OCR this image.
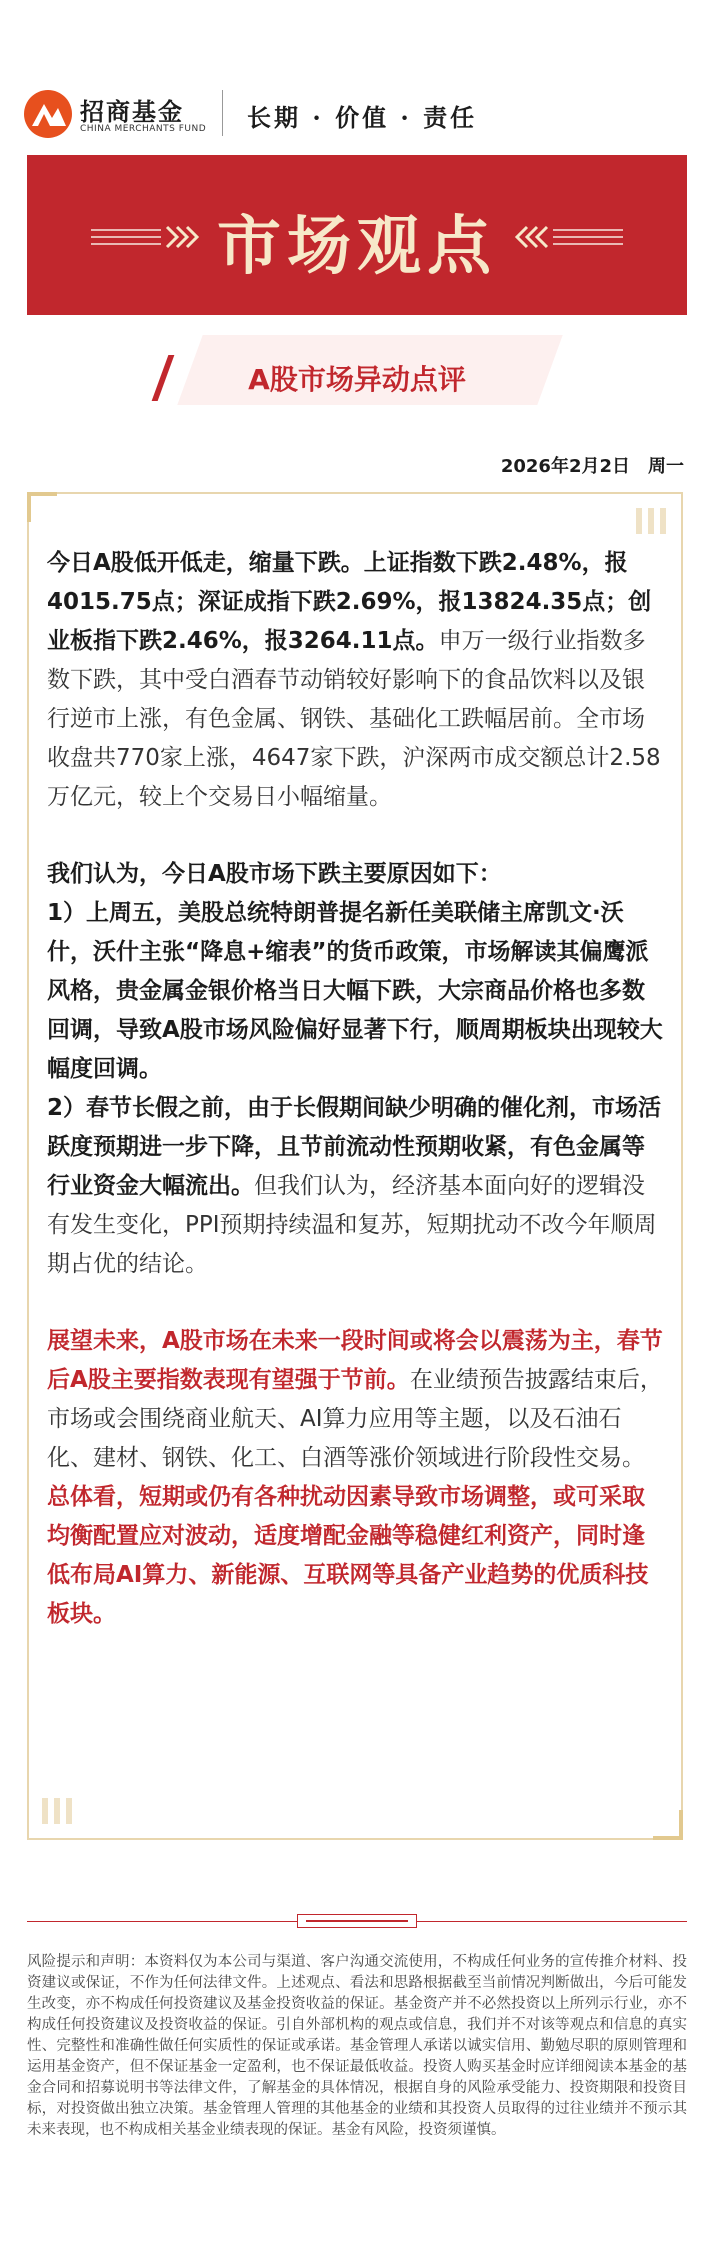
招商基金
CHINA MERCHANTS FUND 长期 · 价值 · 责任
市场观点
A股市场异动点评
2026年2月2日　周一

今日A股低开低走，缩量下跌。上证指数下跌2.48%，报4015.75点；深证成指下跌2.69%，报13824.35点；创业板指下跌2.46%，报3264.11点。申万一级行业指数多数下跌，其中受白酒春节动销较好影响下的食品饮料以及银行逆市上涨，有色金属、钢铁、基础化工跌幅居前。全市场收盘共770家上涨，4647家下跌，沪深两市成交额总计2.58万亿元，较上个交易日小幅缩量。

我们认为，今日A股市场下跌主要原因如下：
1）上周五，美股总统特朗普提名新任美联储主席凯文·沃什，沃什主张“降息+缩表”的货币政策，市场解读其偏鹰派风格，贵金属金银价格当日大幅下跌，大宗商品价格也多数回调，导致A股市场风险偏好显著下行，顺周期板块出现较大幅度回调。
2）春节长假之前，由于长假期间缺少明确的催化剂，市场活跃度预期进一步下降，且节前流动性预期收紧，有色金属等行业资金大幅流出。但我们认为，经济基本面向好的逻辑没有发生变化，PPI预期持续温和复苏，短期扰动不改今年顺周期占优的结论。

展望未来，A股市场在未来一段时间或将会以震荡为主，春节后A股主要指数表现有望强于节前。在业绩预告披露结束后，市场或会围绕商业航天、AI算力应用等主题，以及石油石化、建材、钢铁、化工、白酒等涨价领域进行阶段性交易。总体看，短期或仍有各种扰动因素导致市场调整，或可采取均衡配置应对波动，适度增配金融等稳健红利资产，同时逢低布局AI算力、新能源、互联网等具备产业趋势的优质科技板块。

风险提示和声明：本资料仅为本公司与渠道、客户沟通交流使用，不构成任何业务的宣传推介材料、投资建议或保证，不作为任何法律文件。上述观点、看法和思路根据截至当前情况判断做出，今后可能发生改变，亦不构成任何投资建议及基金投资收益的保证。基金资产并不必然投资以上所列示行业，亦不构成任何投资建议及投资收益的保证。引自外部机构的观点或信息，我们并不对该等观点和信息的真实性、完整性和准确性做任何实质性的保证或承诺。基金管理人承诺以诚实信用、勤勉尽职的原则管理和运用基金资产，但不保证基金一定盈利，也不保证最低收益。投资人购买基金时应详细阅读本基金的基金合同和招募说明书等法律文件，了解基金的具体情况，根据自身的风险承受能力、投资期限和投资目标，对投资做出独立决策。基金管理人管理的其他基金的业绩和其投资人员取得的过往业绩并不预示其未来表现，也不构成相关基金业绩表现的保证。基金有风险，投资须谨慎。
